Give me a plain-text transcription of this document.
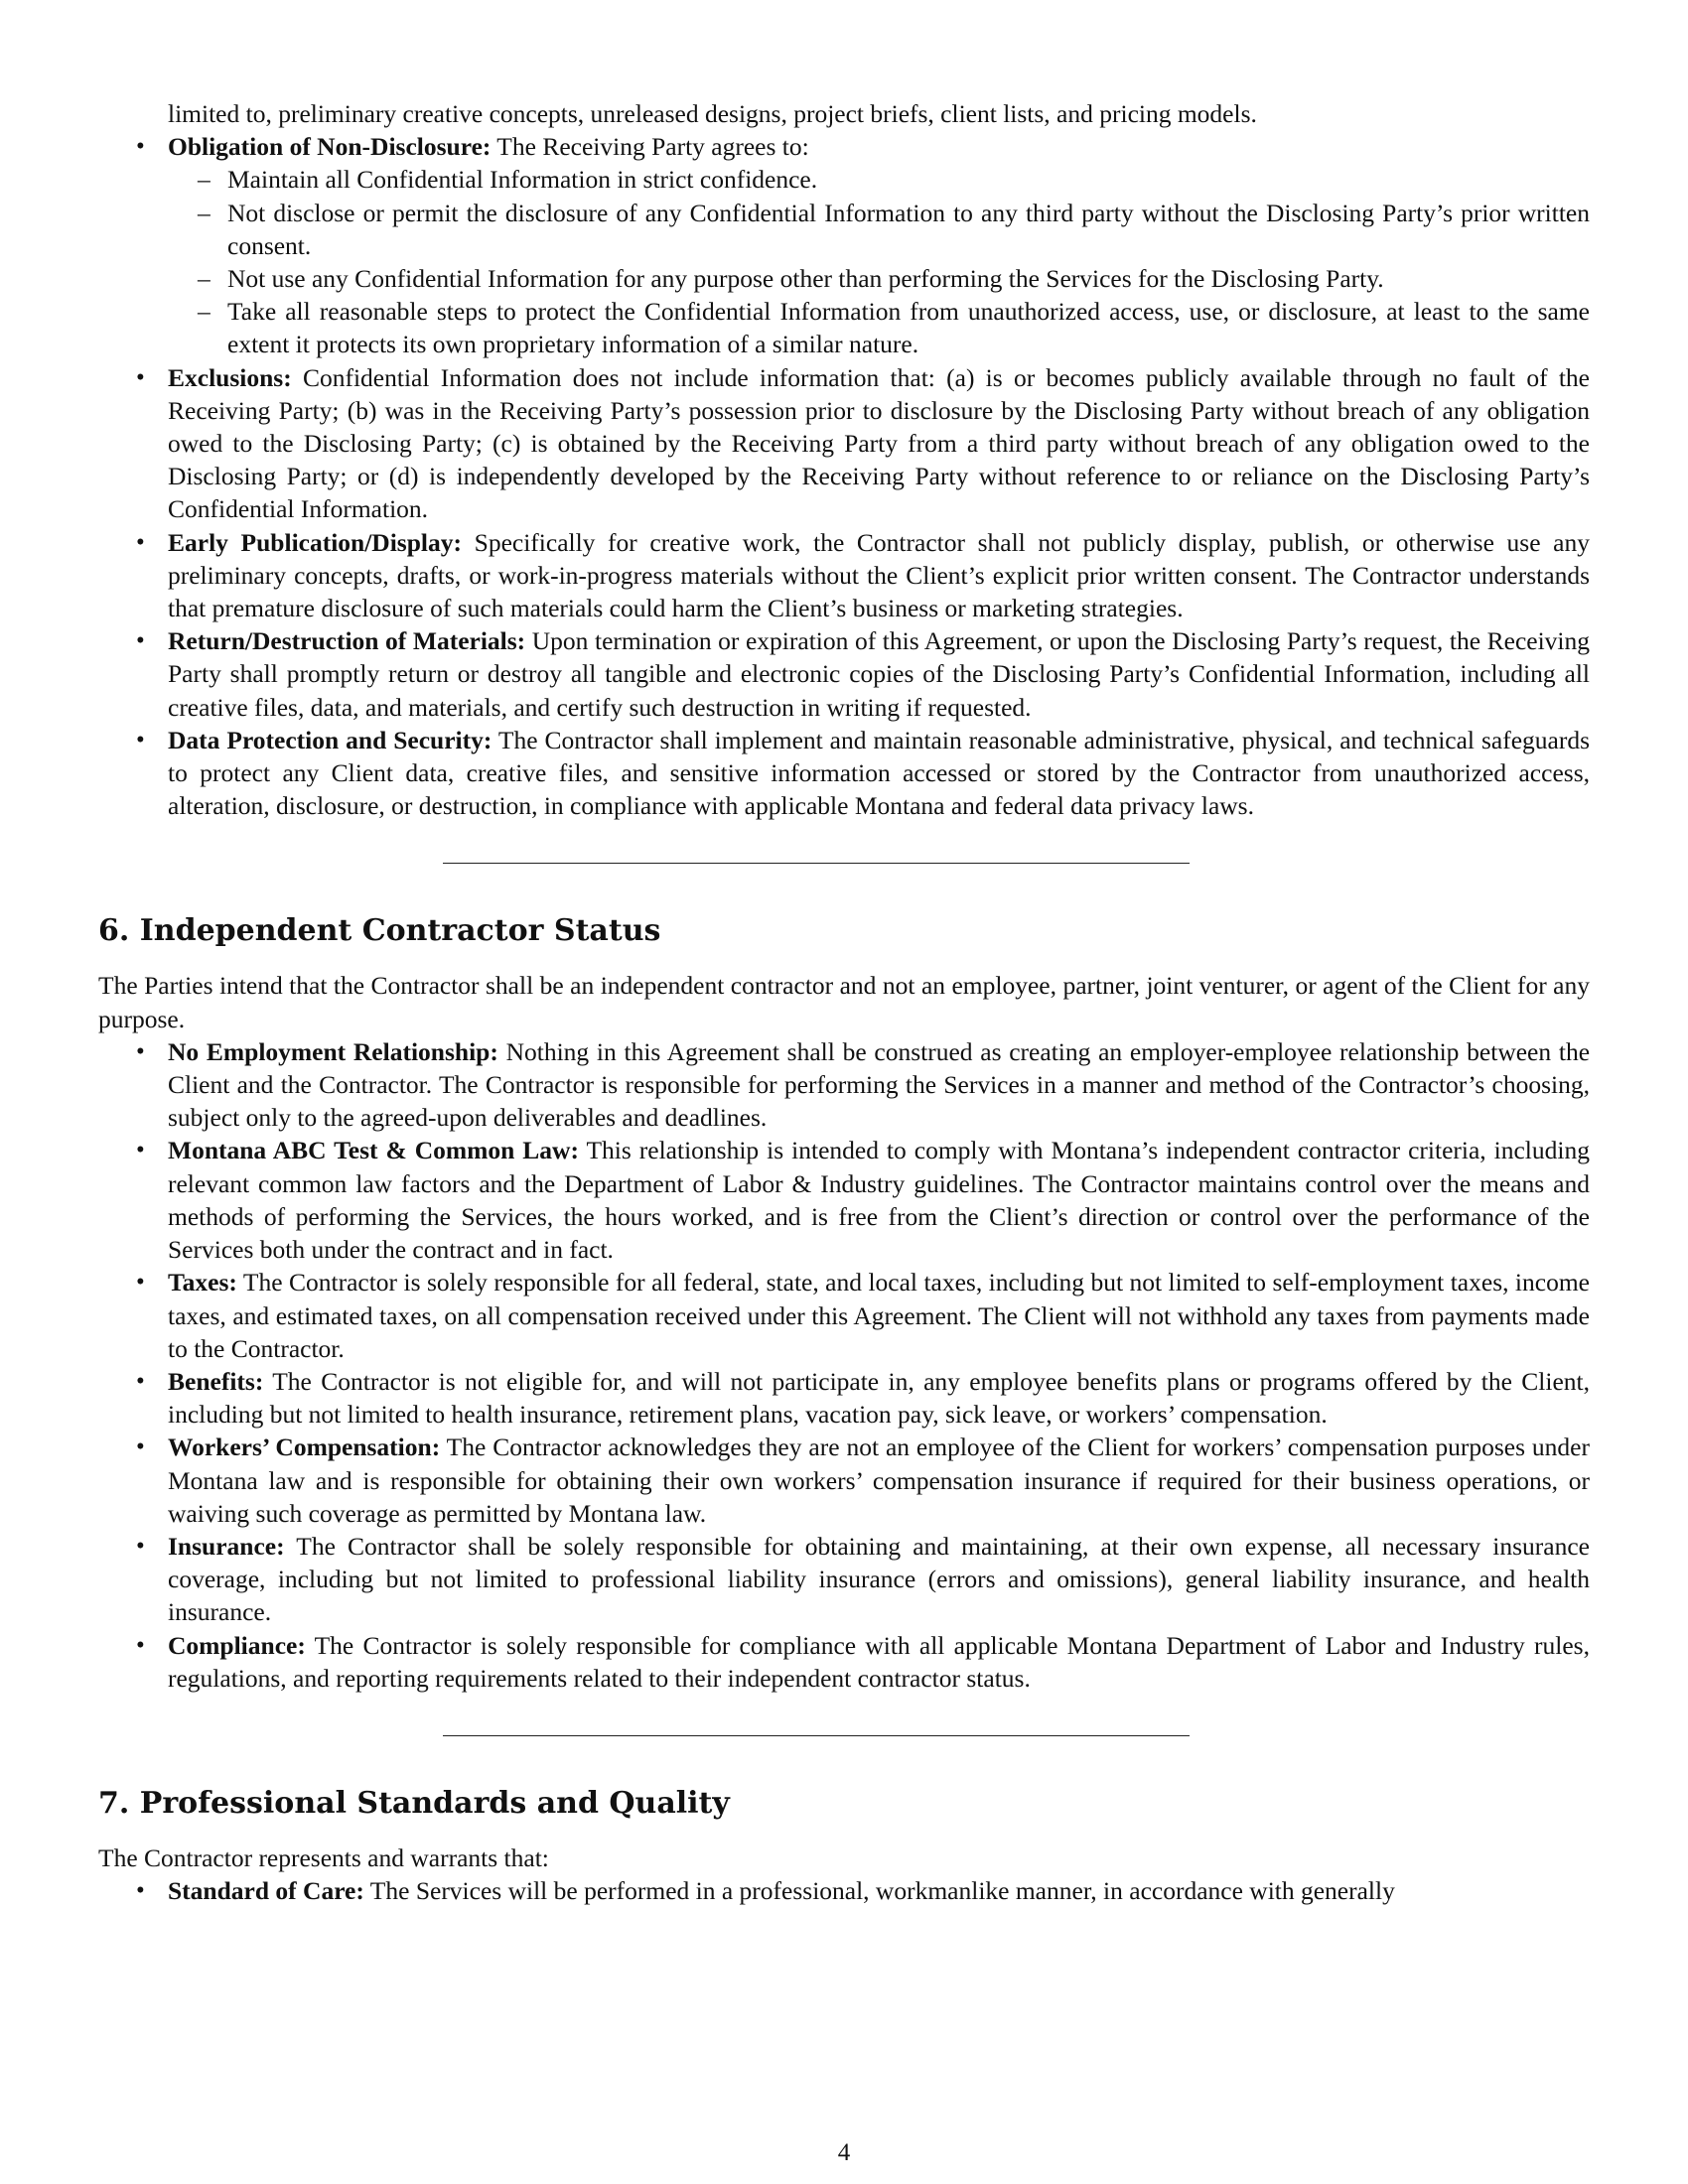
limited to, preliminary creative concepts, unreleased designs, project briefs, client lists, and pricing models.

• Obligation of Non-Disclosure: The Receiving Party agrees to:
– Maintain all Confidential Information in strict confidence.
– Not disclose or permit the disclosure of any Confidential Information to any third party without the Disclosing Party’s prior written consent.
– Not use any Confidential Information for any purpose other than performing the Services for the Disclosing Party.
– Take all reasonable steps to protect the Confidential Information from unauthorized access, use, or disclosure, at least to the same extent it protects its own proprietary information of a similar nature.
• Exclusions: Confidential Information does not include information that: (a) is or becomes publicly available through no fault of the Receiving Party; (b) was in the Receiving Party’s possession prior to disclosure by the Disclosing Party without breach of any obligation owed to the Disclosing Party; (c) is obtained by the Receiving Party from a third party without breach of any obligation owed to the Disclosing Party; or (d) is independently developed by the Receiving Party without reference to or reliance on the Disclosing Party’s Confidential Information.
• Early Publication/Display: Specifically for creative work, the Contractor shall not publicly display, publish, or otherwise use any preliminary concepts, drafts, or work-in-progress materials without the Client’s explicit prior written consent. The Contractor understands that premature disclosure of such materials could harm the Client’s business or marketing strategies.
• Return/Destruction of Materials: Upon termination or expiration of this Agreement, or upon the Disclosing Party’s request, the Receiving Party shall promptly return or destroy all tangible and electronic copies of the Disclosing Party’s Confidential Information, including all creative files, data, and materials, and certify such destruction in writing if requested.
• Data Protection and Security: The Contractor shall implement and maintain reasonable administrative, physical, and technical safeguards to protect any Client data, creative files, and sensitive information accessed or stored by the Contractor from unauthorized access, alteration, disclosure, or destruction, in compliance with applicable Montana and federal data privacy laws.
6. Independent Contractor Status

The Parties intend that the Contractor shall be an independent contractor and not an employee, partner, joint venturer, or agent of the Client for any purpose.

• No Employment Relationship: Nothing in this Agreement shall be construed as creating an employer-employee relationship between the Client and the Contractor. The Contractor is responsible for performing the Services in a manner and method of the Contractor’s choosing, subject only to the agreed-upon deliverables and deadlines.
• Montana ABC Test & Common Law: This relationship is intended to comply with Montana’s independent contractor criteria, including relevant common law factors and the Department of Labor & Industry guidelines. The Contractor maintains control over the means and methods of performing the Services, the hours worked, and is free from the Client’s direction or control over the performance of the Services both under the contract and in fact.
• Taxes: The Contractor is solely responsible for all federal, state, and local taxes, including but not limited to self-employment taxes, income taxes, and estimated taxes, on all compensation received under this Agreement. The Client will not withhold any taxes from payments made to the Contractor.
• Benefits: The Contractor is not eligible for, and will not participate in, any employee benefits plans or programs offered by the Client, including but not limited to health insurance, retirement plans, vacation pay, sick leave, or workers’ compensation.
• Workers’ Compensation: The Contractor acknowledges they are not an employee of the Client for workers’ compensation purposes under Montana law and is responsible for obtaining their own workers’ compensation insurance if required for their business operations, or waiving such coverage as permitted by Montana law.
• Insurance: The Contractor shall be solely responsible for obtaining and maintaining, at their own expense, all necessary insurance coverage, including but not limited to professional liability insurance (errors and omissions), general liability insurance, and health insurance.
• Compliance: The Contractor is solely responsible for compliance with all applicable Montana Department of Labor and Industry rules, regulations, and reporting requirements related to their independent contractor status.
7. Professional Standards and Quality

The Contractor represents and warrants that:

• Standard of Care: The Services will be performed in a professional, workmanlike manner, in accordance with generally
4
